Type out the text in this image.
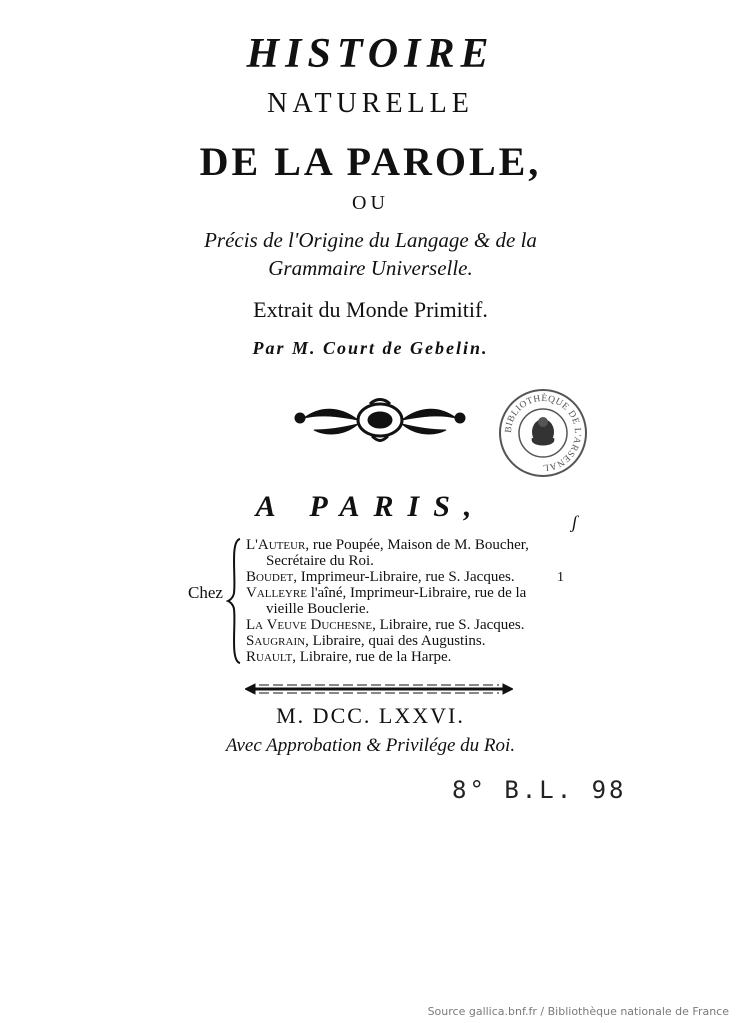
HISTOIRE
NATURELLE
DE LA PAROLE,
OU
Précis de l'Origine du Langage & de la
Grammaire Universelle.
Extrait du Monde Primitif.
Par M. Court de Gebelin.
BIBLIOTHÈQUE DE L'ARSENAL
A PARIS,	ʃ
1
Chez
L'Auteur, rue Poupée, Maison de M. Boucher,
Secrétaire du Roi.
Boudet, Imprimeur-Libraire, rue S. Jacques.
Valleyre l'aîné, Imprimeur-Libraire, rue de la
vieille Bouclerie.
La Veuve Duchesne, Libraire, rue S. Jacques.
Saugrain, Libraire, quai des Augustins.
Ruault, Libraire, rue de la Harpe.
M. DCC. LXXVI.
Avec Approbation & Privilége du Roi.
8° B.L. 98
Source gallica.bnf.fr / Bibliothèque nationale de France
